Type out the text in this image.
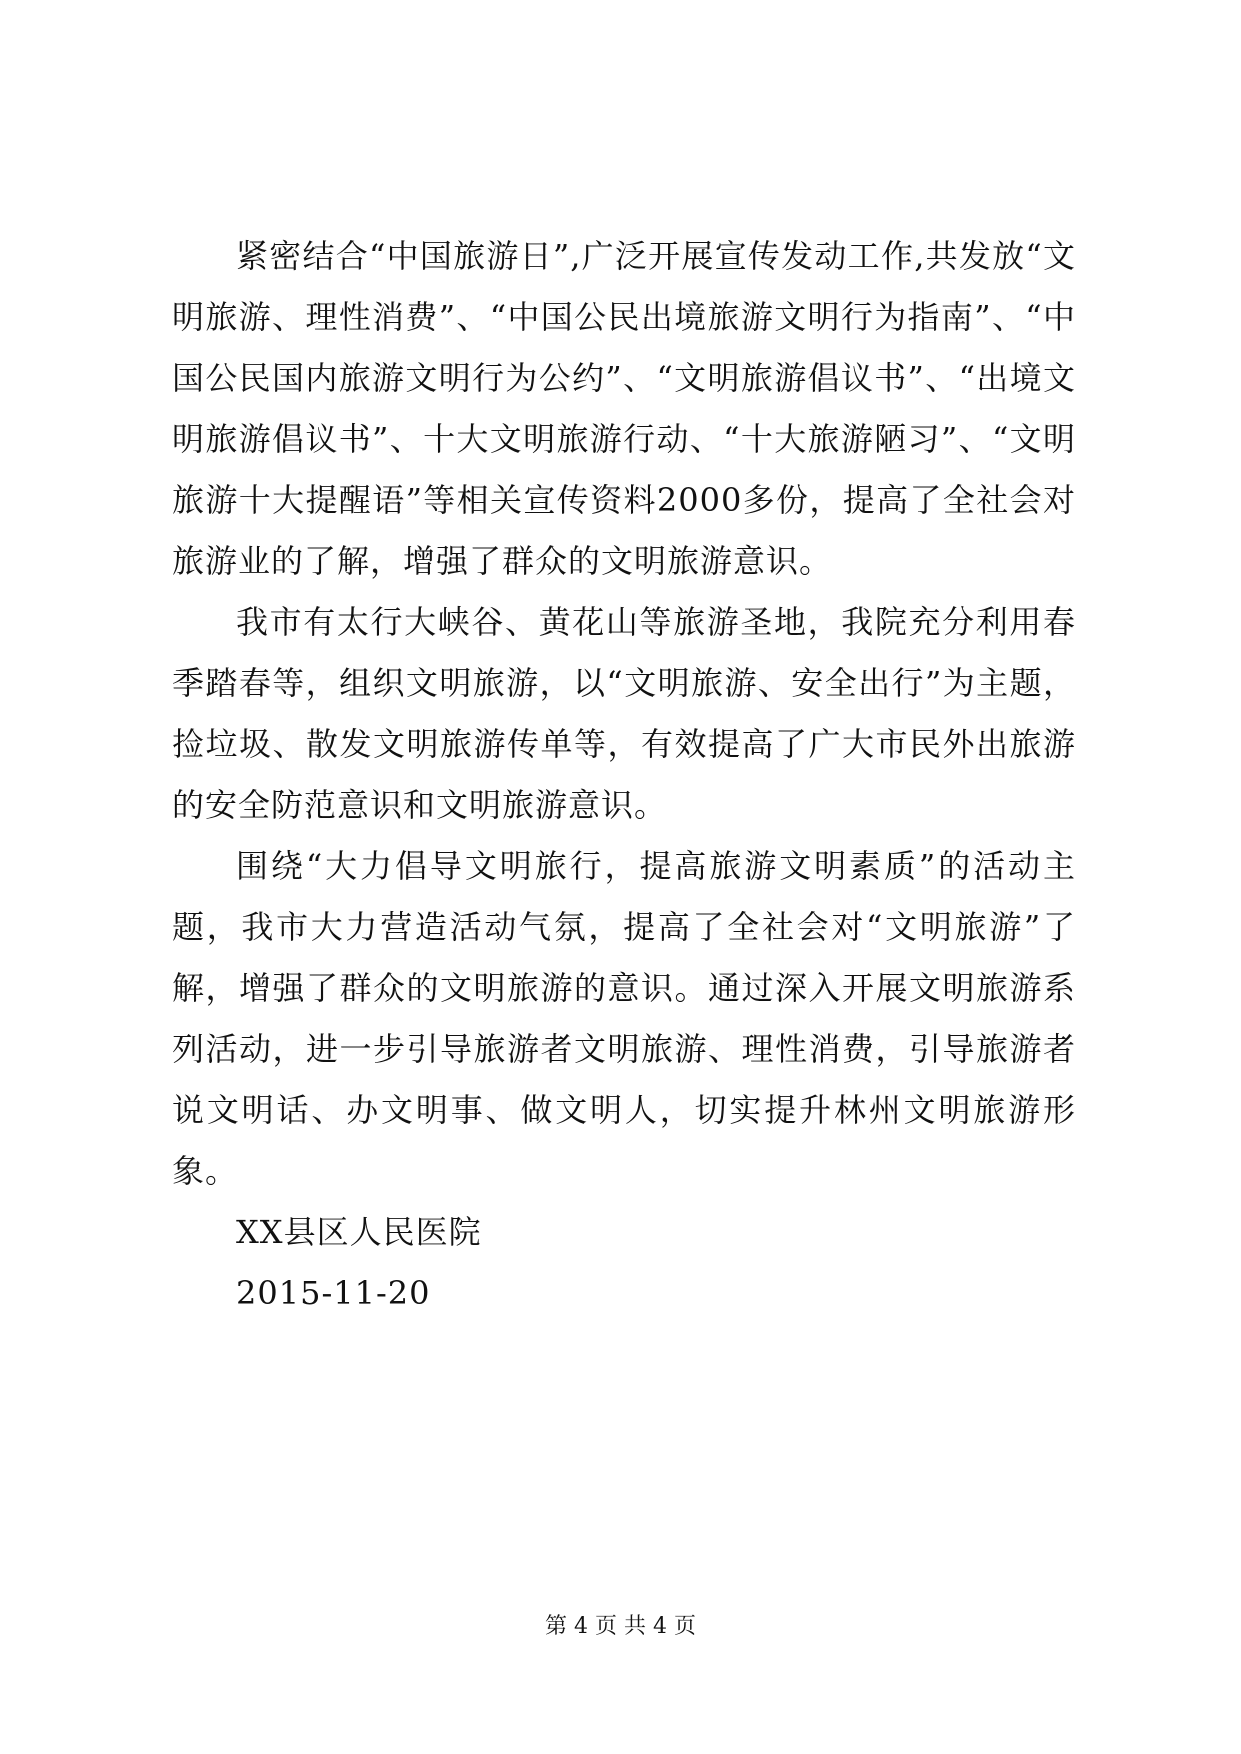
紧密结合“中国旅游日”,广泛开展宣传发动工作,共发放“文明旅游、理性消费”、“中国公民出境旅游文明行为指南”、“中国公民国内旅游文明行为公约”、“文明旅游倡议书”、“出境文明旅游倡议书”、十大文明旅游行动、“十大旅游陋习”、“文明旅游十大提醒语”等相关宣传资料2000多份，提高了全社会对旅游业的了解，增强了群众的文明旅游意识。

我市有太行大峡谷、黄花山等旅游圣地，我院充分利用春季踏春等，组织文明旅游，以“文明旅游、安全出行”为主题，捡垃圾、散发文明旅游传单等，有效提高了广大市民外出旅游的安全防范意识和文明旅游意识。

围绕“大力倡导文明旅行，提高旅游文明素质”的活动主题，我市大力营造活动气氛，提高了全社会对“文明旅游”了解，增强了群众的文明旅游的意识。通过深入开展文明旅游系列活动，进一步引导旅游者文明旅游、理性消费，引导旅游者说文明话、办文明事、做文明人，切实提升林州文明旅游形象。

XX县区人民医院

2015-11-20

第 4 页 共 4 页
